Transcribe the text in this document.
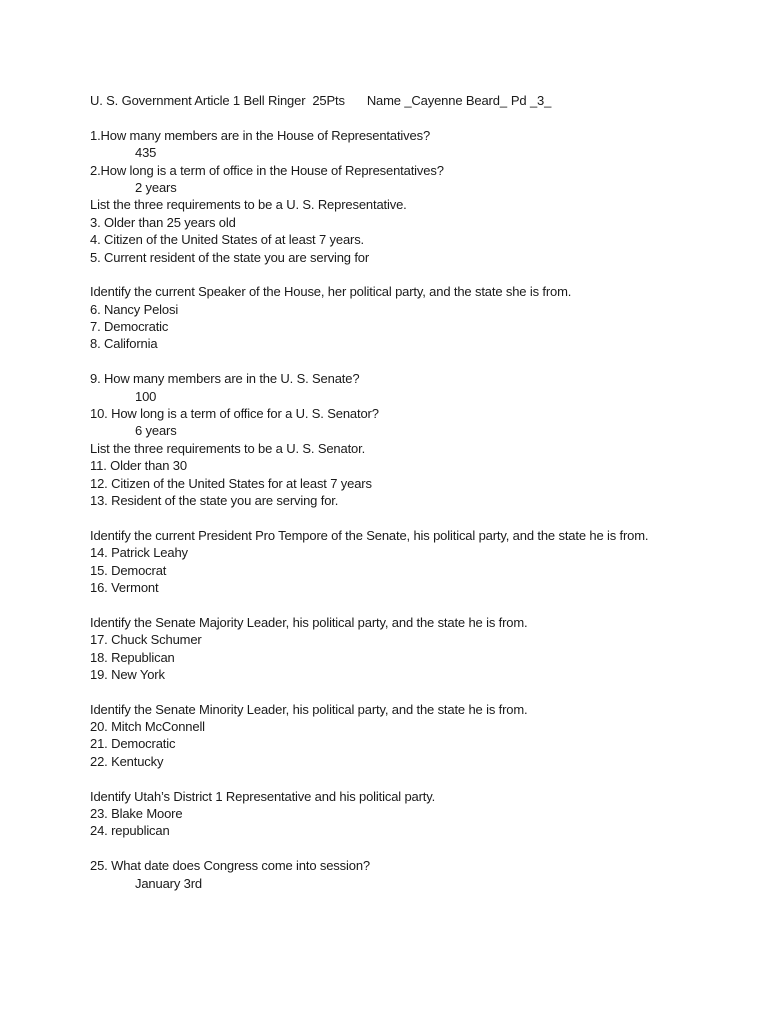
U. S. Government Article 1 Bell Ringer  25Pts Name _Cayenne Beard_ Pd _3_
1.How many members are in the House of Representatives?
435
2.How long is a term of office in the House of Representatives?
2 years
List the three requirements to be a U. S. Representative.
3. Older than 25 years old
4. Citizen of the United States of at least 7 years.
5. Current resident of the state you are serving for
Identify the current Speaker of the House, her political party, and the state she is from.
6. Nancy Pelosi
7. Democratic
8. California
9. How many members are in the U. S. Senate?
100
10. How long is a term of office for a U. S. Senator?
6 years
List the three requirements to be a U. S. Senator.
11. Older than 30
12. Citizen of the United States for at least 7 years
13. Resident of the state you are serving for.
Identify the current President Pro Tempore of the Senate, his political party, and the state he is from.
14. Patrick Leahy
15. Democrat
16. Vermont
Identify the Senate Majority Leader, his political party, and the state he is from.
17. Chuck Schumer
18. Republican
19. New York
Identify the Senate Minority Leader, his political party, and the state he is from.
20. Mitch McConnell
21. Democratic
22. Kentucky
Identify Utah’s District 1 Representative and his political party.
23. Blake Moore
24. republican
25. What date does Congress come into session?
January 3rd
